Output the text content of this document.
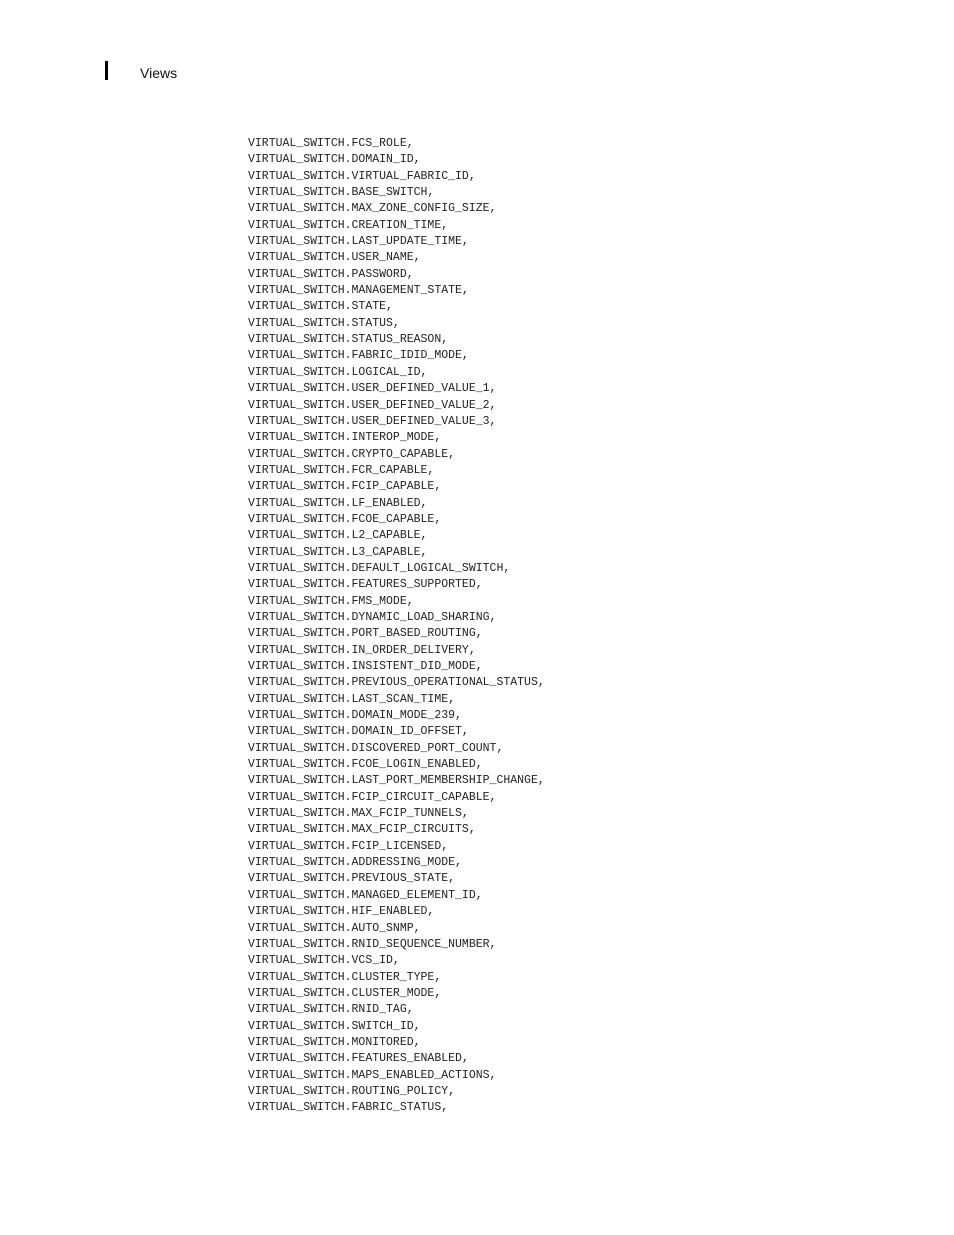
Views
VIRTUAL_SWITCH.FCS_ROLE,
VIRTUAL_SWITCH.DOMAIN_ID,
VIRTUAL_SWITCH.VIRTUAL_FABRIC_ID,
VIRTUAL_SWITCH.BASE_SWITCH,
VIRTUAL_SWITCH.MAX_ZONE_CONFIG_SIZE,
VIRTUAL_SWITCH.CREATION_TIME,
VIRTUAL_SWITCH.LAST_UPDATE_TIME,
VIRTUAL_SWITCH.USER_NAME,
VIRTUAL_SWITCH.PASSWORD,
VIRTUAL_SWITCH.MANAGEMENT_STATE,
VIRTUAL_SWITCH.STATE,
VIRTUAL_SWITCH.STATUS,
VIRTUAL_SWITCH.STATUS_REASON,
VIRTUAL_SWITCH.FABRIC_IDID_MODE,
VIRTUAL_SWITCH.LOGICAL_ID,
VIRTUAL_SWITCH.USER_DEFINED_VALUE_1,
VIRTUAL_SWITCH.USER_DEFINED_VALUE_2,
VIRTUAL_SWITCH.USER_DEFINED_VALUE_3,
VIRTUAL_SWITCH.INTEROP_MODE,
VIRTUAL_SWITCH.CRYPTO_CAPABLE,
VIRTUAL_SWITCH.FCR_CAPABLE,
VIRTUAL_SWITCH.FCIP_CAPABLE,
VIRTUAL_SWITCH.LF_ENABLED,
VIRTUAL_SWITCH.FCOE_CAPABLE,
VIRTUAL_SWITCH.L2_CAPABLE,
VIRTUAL_SWITCH.L3_CAPABLE,
VIRTUAL_SWITCH.DEFAULT_LOGICAL_SWITCH,
VIRTUAL_SWITCH.FEATURES_SUPPORTED,
VIRTUAL_SWITCH.FMS_MODE,
VIRTUAL_SWITCH.DYNAMIC_LOAD_SHARING,
VIRTUAL_SWITCH.PORT_BASED_ROUTING,
VIRTUAL_SWITCH.IN_ORDER_DELIVERY,
VIRTUAL_SWITCH.INSISTENT_DID_MODE,
VIRTUAL_SWITCH.PREVIOUS_OPERATIONAL_STATUS,
VIRTUAL_SWITCH.LAST_SCAN_TIME,
VIRTUAL_SWITCH.DOMAIN_MODE_239,
VIRTUAL_SWITCH.DOMAIN_ID_OFFSET,
VIRTUAL_SWITCH.DISCOVERED_PORT_COUNT,
VIRTUAL_SWITCH.FCOE_LOGIN_ENABLED,
VIRTUAL_SWITCH.LAST_PORT_MEMBERSHIP_CHANGE,
VIRTUAL_SWITCH.FCIP_CIRCUIT_CAPABLE,
VIRTUAL_SWITCH.MAX_FCIP_TUNNELS,
VIRTUAL_SWITCH.MAX_FCIP_CIRCUITS,
VIRTUAL_SWITCH.FCIP_LICENSED,
VIRTUAL_SWITCH.ADDRESSING_MODE,
VIRTUAL_SWITCH.PREVIOUS_STATE,
VIRTUAL_SWITCH.MANAGED_ELEMENT_ID,
VIRTUAL_SWITCH.HIF_ENABLED,
VIRTUAL_SWITCH.AUTO_SNMP,
VIRTUAL_SWITCH.RNID_SEQUENCE_NUMBER,
VIRTUAL_SWITCH.VCS_ID,
VIRTUAL_SWITCH.CLUSTER_TYPE,
VIRTUAL_SWITCH.CLUSTER_MODE,
VIRTUAL_SWITCH.RNID_TAG,
VIRTUAL_SWITCH.SWITCH_ID,
VIRTUAL_SWITCH.MONITORED,
VIRTUAL_SWITCH.FEATURES_ENABLED,
VIRTUAL_SWITCH.MAPS_ENABLED_ACTIONS,
VIRTUAL_SWITCH.ROUTING_POLICY,
VIRTUAL_SWITCH.FABRIC_STATUS,
